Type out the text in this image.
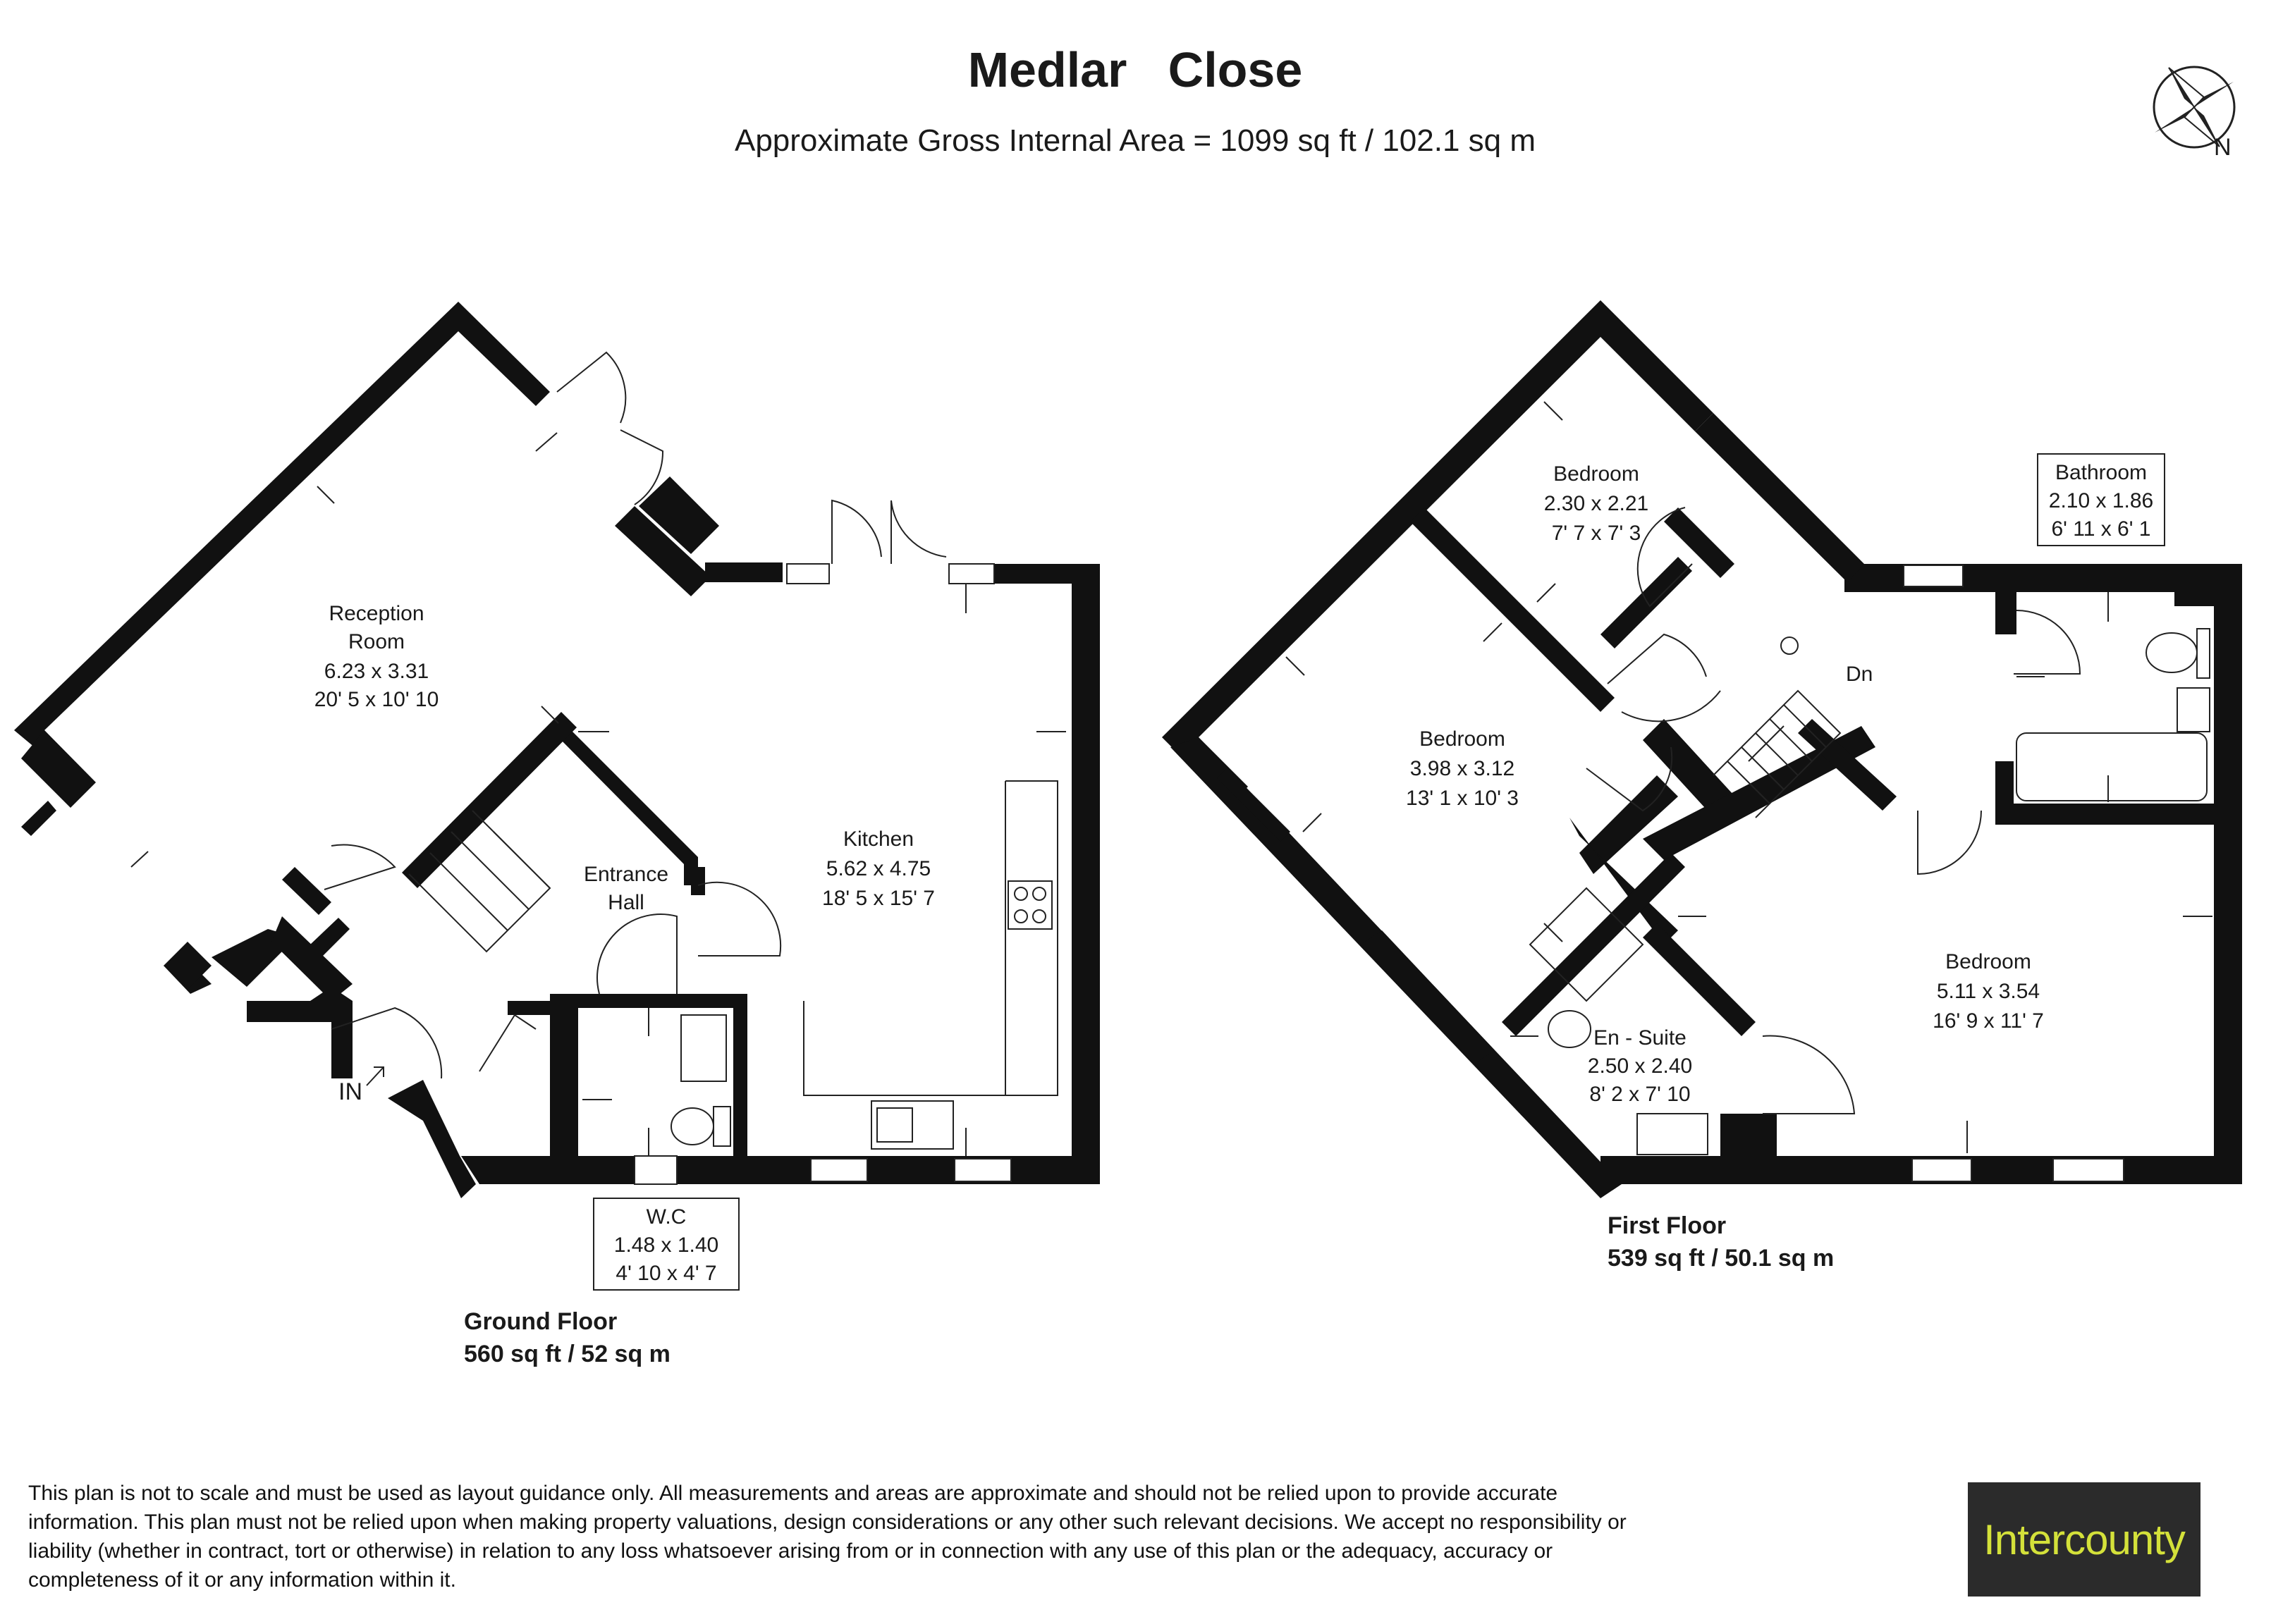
Medlar   Close
Approximate Gross Internal Area = 1099 sq ft / 102.1 sq m	N
Reception
Room
6.23 x 3.31
20' 5 x 10' 10
Kitchen
5.62 x 4.75
18' 5 x 15' 7
Entrance
Hall
W.C
1.48 x 1.40
4' 10 x 4' 7
IN
Ground Floor
560 sq ft / 52 sq m
Bedroom
2.30 x 2.21
7' 7 x 7' 3
Bedroom
3.98 x 3.12
13' 1 x 10' 3
Bedroom
5.11 x 3.54
16' 9 x 11' 7
Bathroom
2.10 x 1.86
6' 11 x 6' 1
En - Suite
2.50 x 2.40
8' 2 x 7' 10
Dn
First Floor
539 sq ft / 50.1 sq m
This plan is not to scale and must be used as layout guidance only. All measurements and areas are approximate and should not be relied upon to provide accurate information. This plan must not be relied upon when making property valuations, design considerations or any other such relevant decisions. We accept no responsibility or liability (whether in contract, tort or otherwise) in relation to any loss whatsoever arising from or in connection with any use of this plan or the adequacy, accuracy or completeness of it or any information within it.
Intercounty
